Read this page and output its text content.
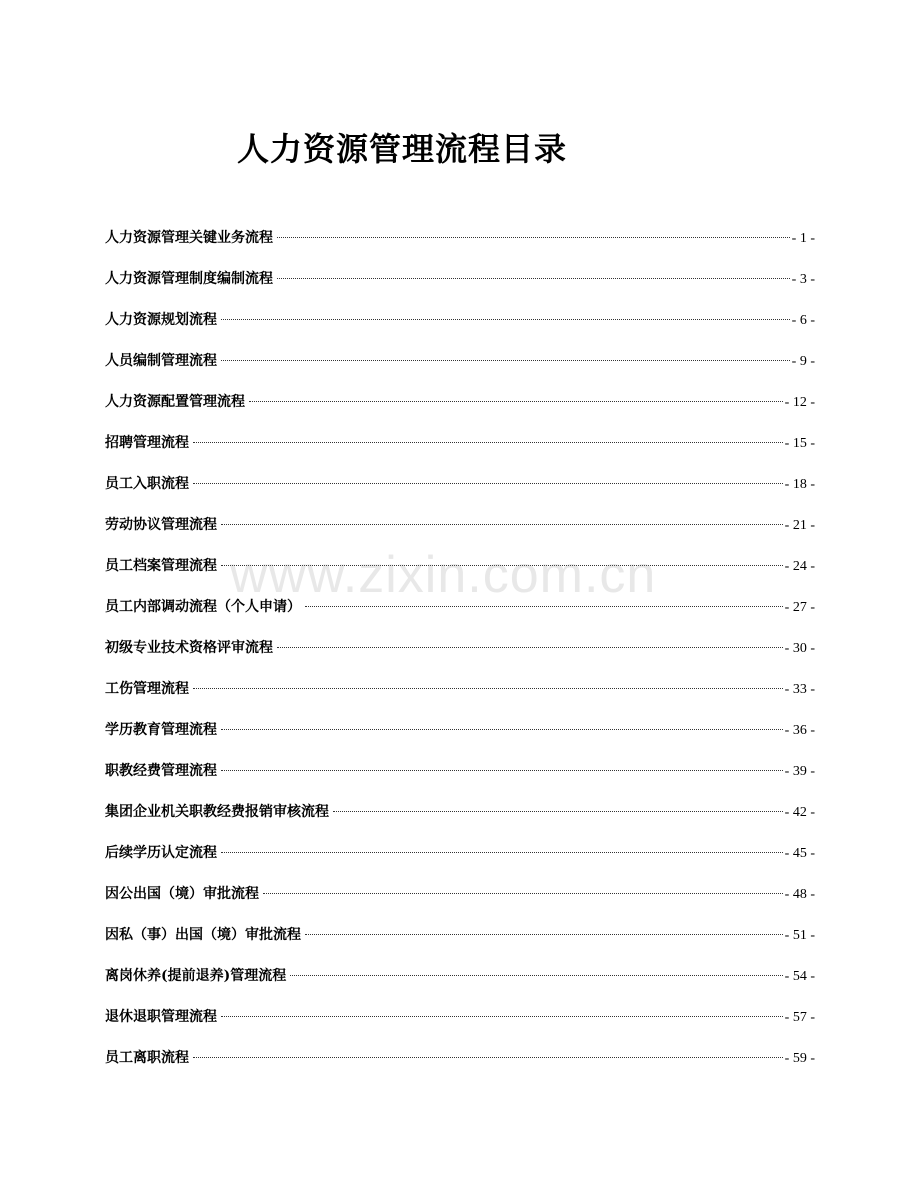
人力资源管理流程目录
人力资源管理关键业务流程	- 1 -
人力资源管理制度编制流程	- 3 -
人力资源规划流程	- 6 -
人员编制管理流程	- 9 -
人力资源配置管理流程	- 12 -
招聘管理流程	- 15 -
员工入职流程	- 18 -
劳动协议管理流程	- 21 -
员工档案管理流程	- 24 -
员工内部调动流程（个人申请）	- 27 -
初级专业技术资格评审流程	- 30 -
工伤管理流程	- 33 -
学历教育管理流程	- 36 -
职教经费管理流程	- 39 -
集团企业机关职教经费报销审核流程	- 42 -
后续学历认定流程	- 45 -
因公出国（境）审批流程	- 48 -
因私（事）出国（境）审批流程	- 51 -
离岗休养(提前退养)管理流程	- 54 -
退休退职管理流程	- 57 -
员工离职流程	- 59 -
www.zixin.com.cn
